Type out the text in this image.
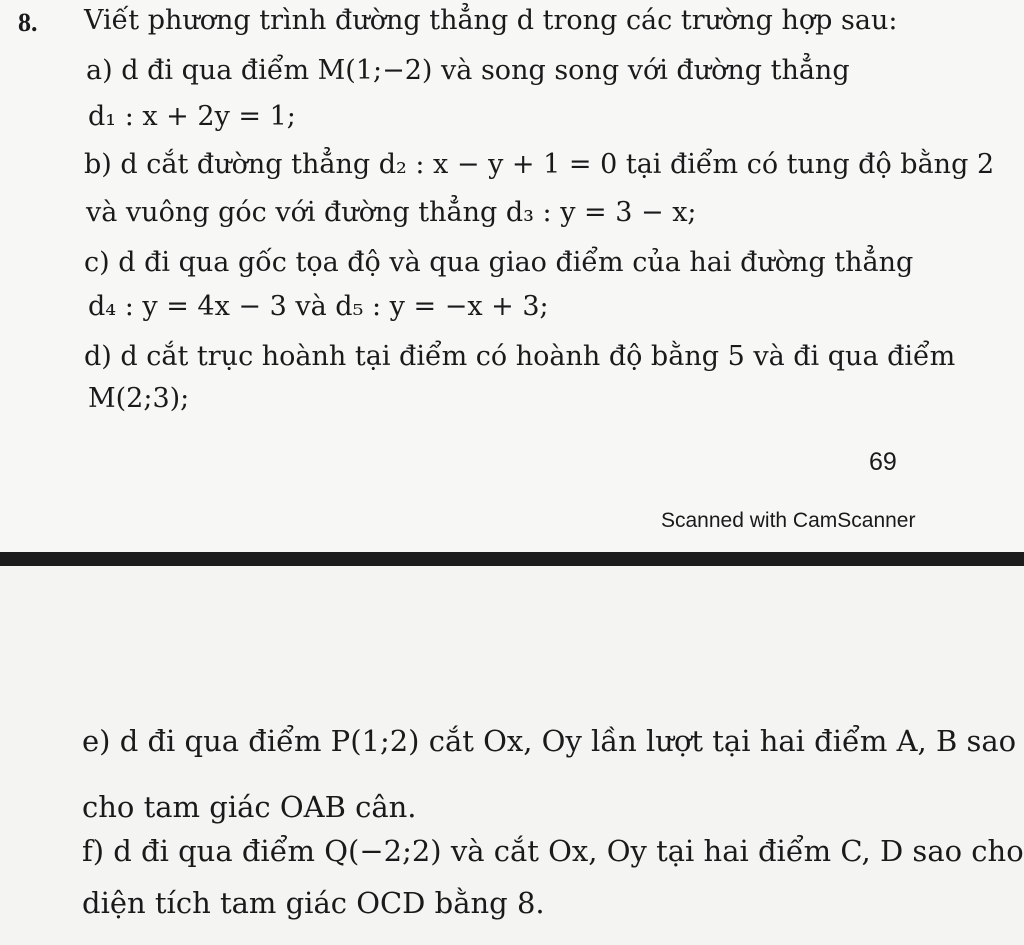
8. Viết phương trình đường thẳng d trong các trường hợp sau:
a) d đi qua điểm M(1;−2) và song song với đường thẳng
d₁ : x + 2y = 1;
b) d cắt đường thẳng d₂ : x − y + 1 = 0 tại điểm có tung độ bằng 2
và vuông góc với đường thẳng d₃ : y = 3 − x;
c) d đi qua gốc tọa độ và qua giao điểm của hai đường thẳng
d₄ : y = 4x − 3 và d₅ : y = −x + 3;
d) d cắt trục hoành tại điểm có hoành độ bằng 5 và đi qua điểm
M(2;3);
69
Scanned with CamScanner
e) d đi qua điểm P(1;2) cắt Ox, Oy lần lượt tại hai điểm A, B sao
cho tam giác OAB cân.
f) d đi qua điểm Q(−2;2) và cắt Ox, Oy tại hai điểm C, D sao cho
diện tích tam giác OCD bằng 8.
